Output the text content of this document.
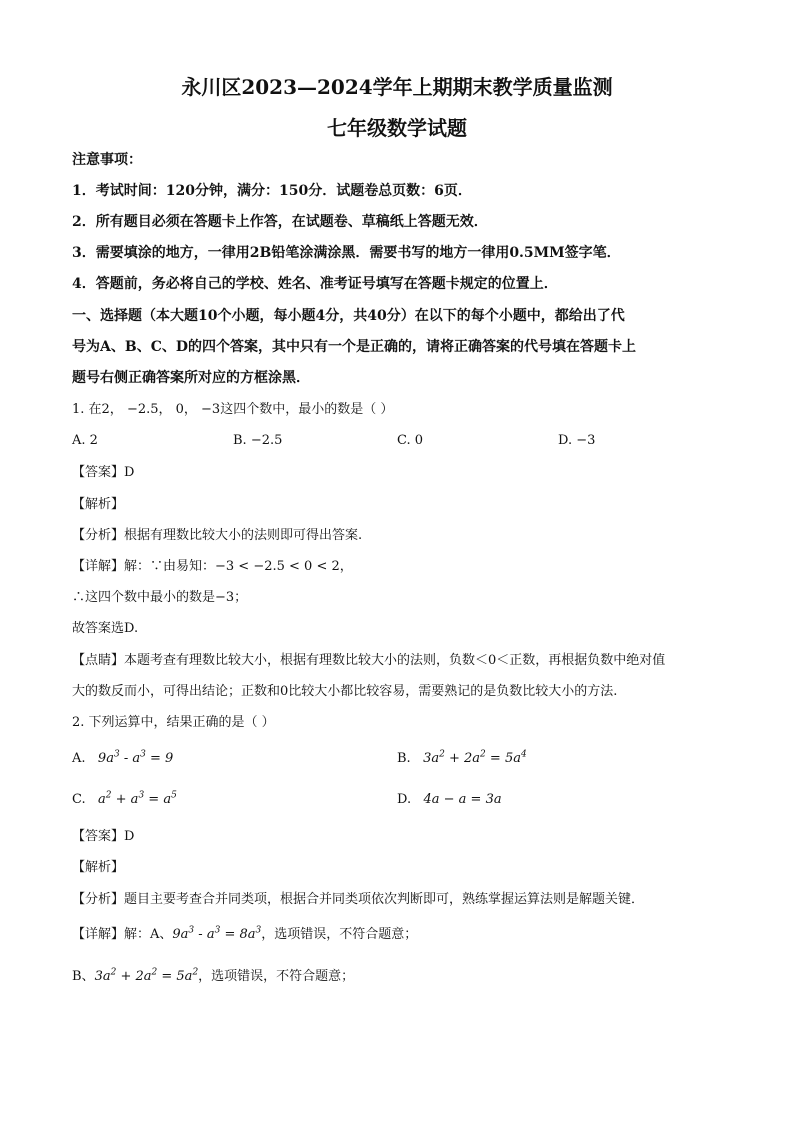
永川区2023—2024学年上期期末教学质量监测
七年级数学试题
注意事项：
1．考试时间：120分钟，满分：150分．试题卷总页数：6页．
2．所有题目必须在答题卡上作答，在试题卷、草稿纸上答题无效．
3．需要填涂的地方，一律用2B铅笔涂满涂黑．需要书写的地方一律用0.5MM签字笔．
4．答题前，务必将自己的学校、姓名、准考证号填写在答题卡规定的位置上．
一、选择题（本大题10个小题，每小题4分，共40分）在以下的每个小题中，都给出了代
号为A、B、C、D的四个答案，其中只有一个是正确的，请将正确答案的代号填在答题卡上
题号右侧正确答案所对应的方框涂黑．
1. 在2， −2.5， 0， −3这四个数中，最小的数是（ ）
A. 2	B. −2.5	C. 0	D. −3
【答案】D
【解析】
【分析】根据有理数比较大小的法则即可得出答案.
【详解】解：∵由易知：−3 < −2.5 < 0 < 2，
∴这四个数中最小的数是−3；
故答案选D.
【点睛】本题考查有理数比较大小，根据有理数比较大小的法则，负数＜0＜正数，再根据负数中绝对值
大的数反而小，可得出结论；正数和0比较大小都比较容易，需要熟记的是负数比较大小的方法.
2. 下列运算中，结果正确的是（ ）
A.   $9a^3 - a^3 = 9$	B.   $3a^2 + 2a^2 = 5a^4$
C.   $a^2 + a^3 = a^5$	D.   4a − a = 3a
【答案】D
【解析】
【分析】题目主要考查合并同类项，根据合并同类项依次判断即可，熟练掌握运算法则是解题关键．
【详解】解：A、$9a^3 - a^3 = 8a^3$，选项错误，不符合题意；
B、$3a^2 + 2a^2 = 5a^2$，选项错误，不符合题意；
